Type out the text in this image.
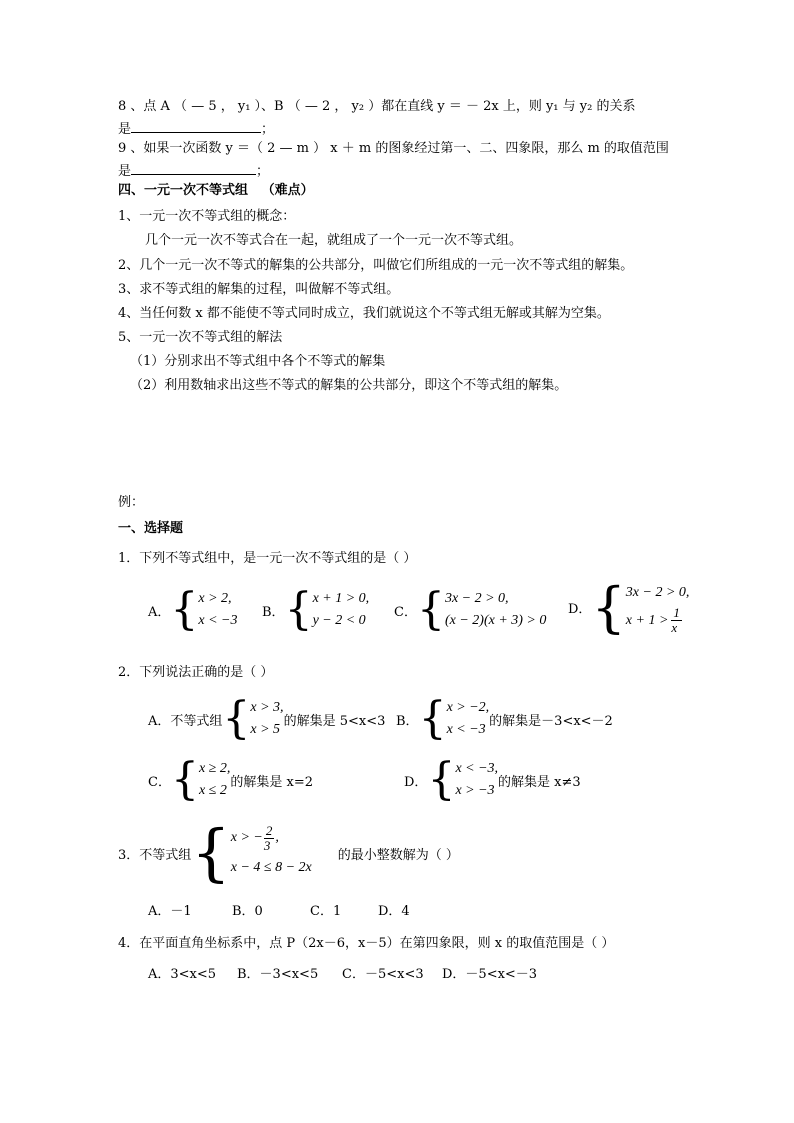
8 、点 A （ — 5 ， y₁ ）、B （ — 2 ， y₂ ）都在直线 y ＝ － 2x 上，则 y₁ 与 y₂ 的关系
是	；
9 、如果一次函数 y ＝（ 2 — m ） x ＋ m 的图象经过第一、二、四象限，那么 m 的取值范围
是	；
四、一元一次不等式组 （难点）
1、一元一次不等式组的概念：
几个一元一次不等式合在一起，就组成了一个一元一次不等式组。
2、几个一元一次不等式的解集的公共部分，叫做它们所组成的一元一次不等式组的解集。
3、求不等式组的解集的过程，叫做解不等式组。
4、当任何数 x 都不能使不等式同时成立，我们就说这个不等式组无解或其解为空集。
5、一元一次不等式组的解法
（1）分别求出不等式组中各个不等式的解集
（2）利用数轴求出这些不等式的解集的公共部分，即这个不等式组的解集。
例：
一、选择题
1．下列不等式组中，是一元一次不等式组的是（ ）
A． { x > 2,
x < −3
B． { x + 1 > 0,
y − 2 < 0
C． { 3x − 2 > 0,
(x − 2)(x + 3) > 0
D． { 3x − 2 > 0,
$x + 1 > \frac{1}{x}$
2．下列说法正确的是（ ）
A．不等式组 { x > 3,
x > 5
的解集是 5<x<3 B． { x > −2,
x < −3
的解集是－3<x<－2
C． { x ≥ 2,
x ≤ 2
的解集是 x=2	D． { x < −3,
x > −3
的解集是 x≠3
3．不等式组 { x > − $\frac{2}{3}$ ,
x − 4 ≤ 8 − 2x
的最小整数解为（ ）
A．－1	B．0	C．1	D．4
4．在平面直角坐标系中，点 P（2x－6，x－5）在第四象限，则 x 的取值范围是（ ）
A．3<x<5 B．－3<x<5 C．－5<x<3 D．－5<x<－3
